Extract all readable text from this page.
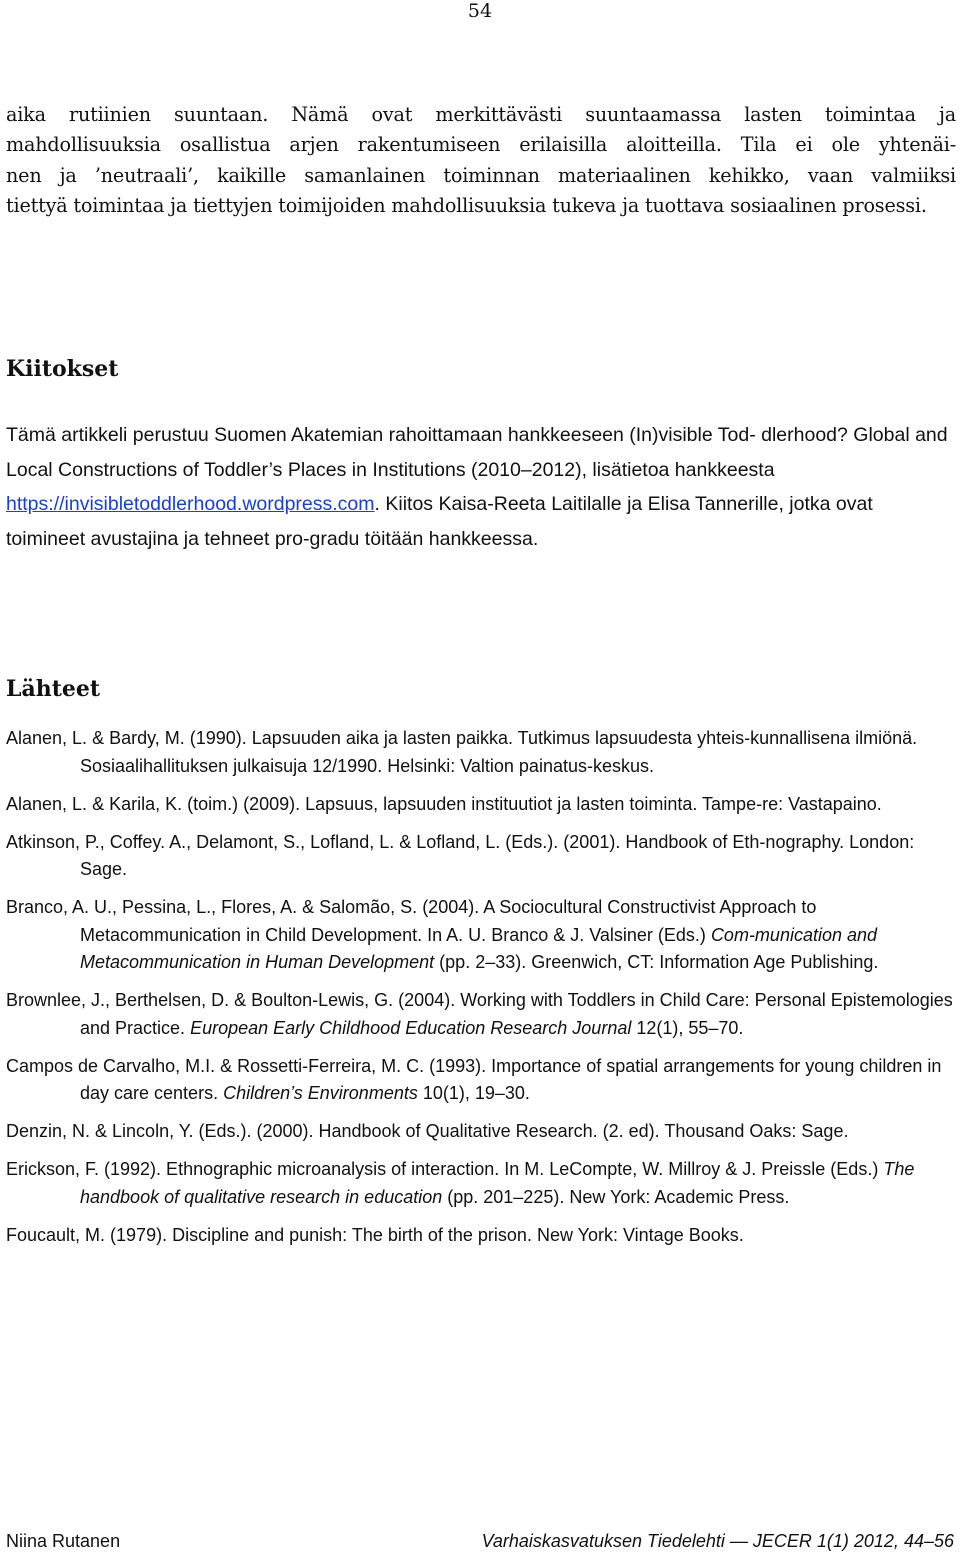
54

aika rutiinien suuntaan. Nämä ovat merkittävästi suuntaamassa lasten toimintaa ja mahdollisuuksia osallistua arjen rakentumiseen erilaisilla aloitteilla. Tila ei ole yhtenäi- nen ja ’neutraali’, kaikille samanlainen toiminnan materiaalinen kehikko, vaan valmiiksi tiettyä toimintaa ja tiettyjen toimijoiden mahdollisuuksia tukeva ja tuottava sosiaalinen prosessi.

Kiitokset

Tämä artikkeli perustuu Suomen Akatemian rahoittamaan hankkeeseen (In)visible Tod- dlerhood? Global and Local Constructions of Toddler’s Places in Institutions (2010–2012), lisätietoa hankkeesta https://invisibletoddlerhood.wordpress.com. Kiitos Kaisa-Reeta Laitilalle ja Elisa Tannerille, jotka ovat toimineet avustajina ja tehneet pro-gradu töitään hankkeessa.

Lähteet

Alanen, L. & Bardy, M. (1990). Lapsuuden aika ja lasten paikka. Tutkimus lapsuudesta yhteis-kunnallisena ilmiönä. Sosiaalihallituksen julkaisuja 12/1990. Helsinki: Valtion painatus-keskus.

Alanen, L. & Karila, K. (toim.) (2009). Lapsuus, lapsuuden instituutiot ja lasten toiminta. Tampe-re: Vastapaino.

Atkinson, P., Coffey. A., Delamont, S., Lofland, L. & Lofland, L. (Eds.). (2001). Handbook of Eth-nography. London: Sage.

Branco, A. U., Pessina, L., Flores, A. & Salomão, S. (2004). A Sociocultural Constructivist Approach to Metacommunication in Child Development. In A. U. Branco & J. Valsiner (Eds.) Com-munication and Metacommunication in Human Development (pp. 2–33). Greenwich, CT: Information Age Publishing.

Brownlee, J., Berthelsen, D. & Boulton-Lewis, G. (2004). Working with Toddlers in Child Care: Personal Epistemologies and Practice. European Early Childhood Education Research Journal 12(1), 55–70.

Campos de Carvalho, M.I. & Rossetti-Ferreira, M. C. (1993). Importance of spatial arrangements for young children in day care centers. Children’s Environments 10(1), 19–30.

Denzin, N. & Lincoln, Y. (Eds.). (2000). Handbook of Qualitative Research. (2. ed). Thousand Oaks: Sage.

Erickson, F. (1992). Ethnographic microanalysis of interaction. In M. LeCompte, W. Millroy & J. Preissle (Eds.) The handbook of qualitative research in education (pp. 201–225). New York: Academic Press.

Foucault, M. (1979). Discipline and punish: The birth of the prison. New York: Vintage Books.

Niina Rutanen	Varhaiskasvatuksen Tiedelehti — JECER 1(1) 2012, 44–56
